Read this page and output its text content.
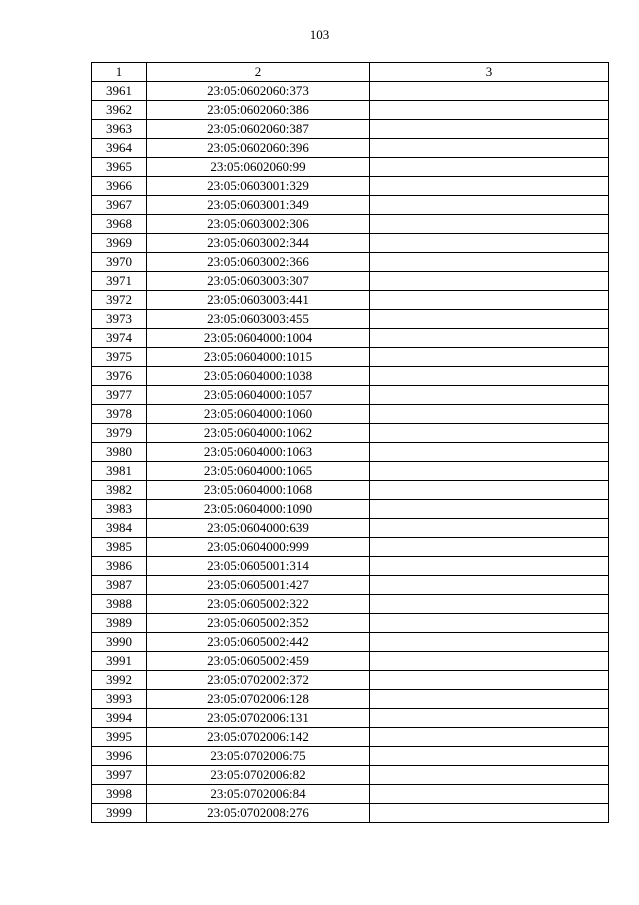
103
1	2	3
3961	23:05:0602060:373	
3962	23:05:0602060:386	
3963	23:05:0602060:387	
3964	23:05:0602060:396	
3965	23:05:0602060:99	
3966	23:05:0603001:329	
3967	23:05:0603001:349	
3968	23:05:0603002:306	
3969	23:05:0603002:344	
3970	23:05:0603002:366	
3971	23:05:0603003:307	
3972	23:05:0603003:441	
3973	23:05:0603003:455	
3974	23:05:0604000:1004	
3975	23:05:0604000:1015	
3976	23:05:0604000:1038	
3977	23:05:0604000:1057	
3978	23:05:0604000:1060	
3979	23:05:0604000:1062	
3980	23:05:0604000:1063	
3981	23:05:0604000:1065	
3982	23:05:0604000:1068	
3983	23:05:0604000:1090	
3984	23:05:0604000:639	
3985	23:05:0604000:999	
3986	23:05:0605001:314	
3987	23:05:0605001:427	
3988	23:05:0605002:322	
3989	23:05:0605002:352	
3990	23:05:0605002:442	
3991	23:05:0605002:459	
3992	23:05:0702002:372	
3993	23:05:0702006:128	
3994	23:05:0702006:131	
3995	23:05:0702006:142	
3996	23:05:0702006:75	
3997	23:05:0702006:82	
3998	23:05:0702006:84	
3999	23:05:0702008:276	
